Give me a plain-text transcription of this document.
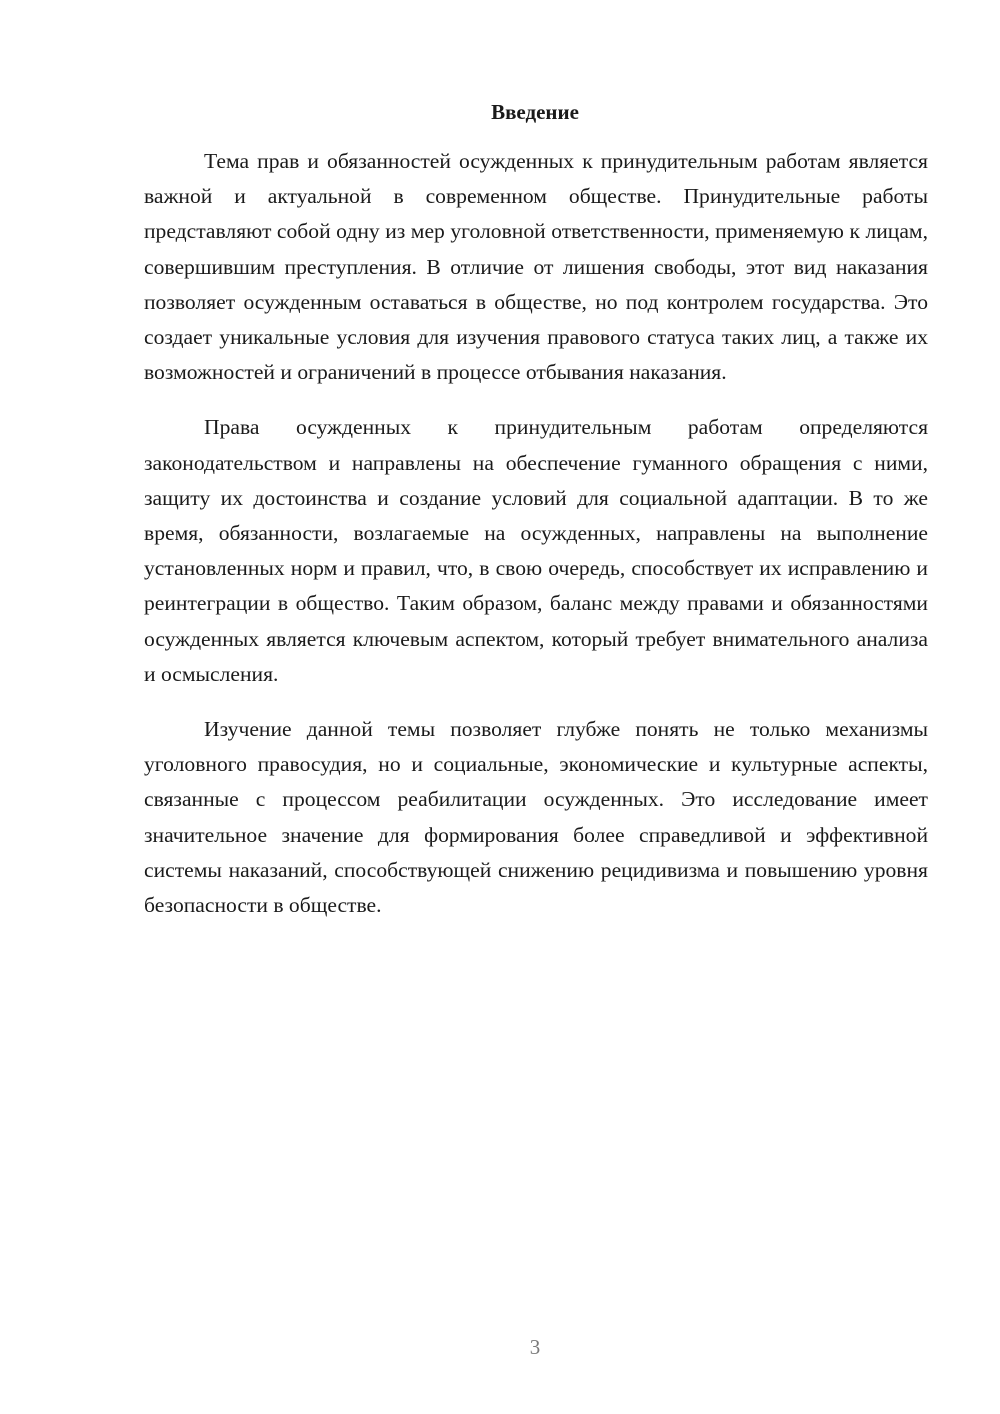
Введение

Тема прав и обязанностей осужденных к принудительным работам является важной и актуальной в современном обществе. Принудительные работы представляют собой одну из мер уголовной ответственности, применяемую к лицам, совершившим преступления. В отличие от лишения свободы, этот вид наказания позволяет осужденным оставаться в обществе, но под контролем государства. Это создает уникальные условия для изучения правового статуса таких лиц, а также их возможностей и ограничений в процессе отбывания наказания.

Права осужденных к принудительным работам определяются законодательством и направлены на обеспечение гуманного обращения с ними, защиту их достоинства и создание условий для социальной адаптации. В то же время, обязанности, возлагаемые на осужденных, направлены на выполнение установленных норм и правил, что, в свою очередь, способствует их исправлению и реинтеграции в общество. Таким образом, баланс между правами и обязанностями осужденных является ключевым аспектом, который требует внимательного анализа и осмысления.

Изучение данной темы позволяет глубже понять не только механизмы уголовного правосудия, но и социальные, экономические и культурные аспекты, связанные с процессом реабилитации осужденных. Это исследование имеет значительное значение для формирования более справедливой и эффективной системы наказаний, способствующей снижению рецидивизма и повышению уровня безопасности в обществе.

3
